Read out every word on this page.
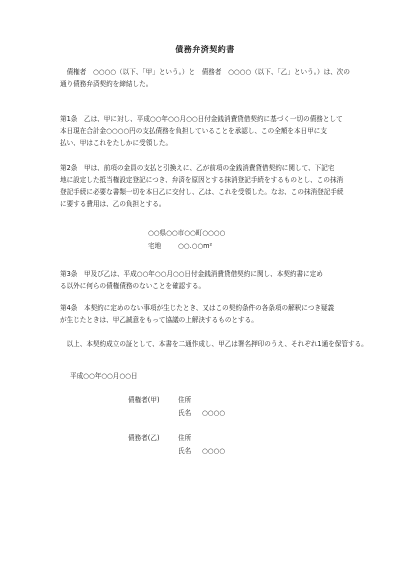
債務弁済契約書
　債権者　○○○○（以下、「甲」という。）と　債務者　○○○○（以下、「乙」という。）は、次の
通り債務弁済契約を締結した。
第1条　乙は、甲に対し、平成○○年○○月○○日付金銭消費貸借契約に基づく一切の債務として
本日現在合計金○○○○円の支払債務を負担していることを承認し、この全額を本日甲に支
払い、甲はこれをたしかに受領した。
第2条　甲は、前項の金員の支払と引換えに、乙が前項の金銭消費貸借契約に関して、下記宅
地に設定した抵当権設定登記につき、弁済を原因とする抹消登記手続をするものとし、この抹消
登記手続に必要な書類一切を本日乙に交付し、乙は、これを受領した。なお、この抹消登記手続
に要する費用は、乙の負担とする。
○○県○○市○○町○○○○
宅地	○○.○○m²
第3条　甲及び乙は、平成○○年○○月○○日付金銭消費貸借契約に関し、本契約書に定め
る以外に何らの債権債務のないことを確認する。
第4条　本契約に定めのない事項が生じたとき、又はこの契約条件の各条項の解釈につき疑義
が生じたときは、甲乙誠意をもって協議の上解決するものとする。
　以上、本契約成立の証として、本書を二通作成し、甲乙は署名押印のうえ、それぞれ1通を保管する。
平成○○年○○月○○日
債権者(甲)	住所
氏名 ○○○○
債務者(乙)	住所
氏名 ○○○○
